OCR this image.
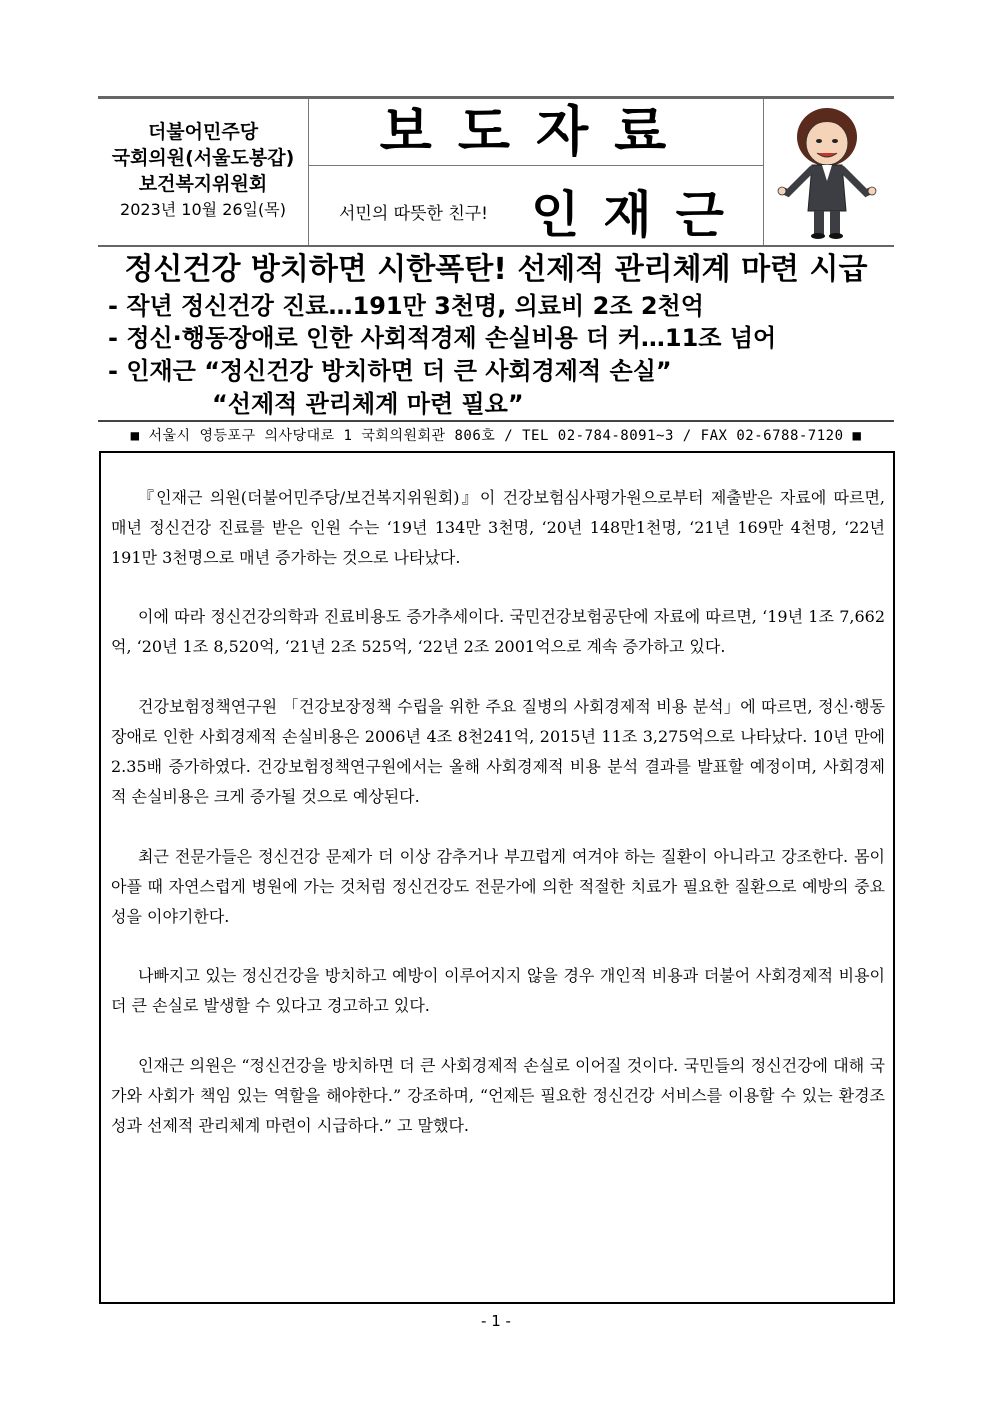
더불어민주당
국회의원(서울도봉갑)
보건복지위원회
2023년 10월 26일(목)
보도자료
서민의 따뜻한 친구! 인재근
정신건강 방치하면 시한폭탄! 선제적 관리체계 마련 시급
- 작년 정신건강 진료…191만 3천명, 의료비 2조 2천억
- 정신·행동장애로 인한 사회적경제 손실비용 더 커…11조 넘어
- 인재근 “정신건강 방치하면 더 큰 사회경제적 손실”
“선제적 관리체계 마련 필요”
■ 서울시 영등포구 의사당대로 1 국회의원회관 806호 / TEL 02-784-8091~3 / FAX 02-6788-7120 ■
『인재근 의원(더불어민주당/보건복지위원회)』이 건강보험심사평가원으로부터 제출받은 자료에 따르면, 매년 정신건강 진료를 받은 인원 수는 ‘19년 134만 3천명, ‘20년 148만1천명, ‘21년 169만 4천명, ‘22년 191만 3천명으로 매년 증가하는 것으로 나타났다.
이에 따라 정신건강의학과 진료비용도 증가추세이다. 국민건강보험공단에 자료에 따르면, ‘19년 1조 7,662억, ‘20년 1조 8,520억, ‘21년 2조 525억, ‘22년 2조 2001억으로 계속 증가하고 있다.
건강보험정책연구원 「건강보장정책 수립을 위한 주요 질병의 사회경제적 비용 분석」에 따르면, 정신·행동장애로 인한 사회경제적 손실비용은 2006년 4조 8천241억, 2015년 11조 3,275억으로 나타났다. 10년 만에 2.35배 증가하였다. 건강보험정책연구원에서는 올해 사회경제적 비용 분석 결과를 발표할 예정이며, 사회경제적 손실비용은 크게 증가될 것으로 예상된다.
최근 전문가들은 정신건강 문제가 더 이상 감추거나 부끄럽게 여겨야 하는 질환이 아니라고 강조한다. 몸이 아플 때 자연스럽게 병원에 가는 것처럼 정신건강도 전문가에 의한 적절한 치료가 필요한 질환으로 예방의 중요성을 이야기한다.
나빠지고 있는 정신건강을 방치하고 예방이 이루어지지 않을 경우 개인적 비용과 더불어 사회경제적 비용이 더 큰 손실로 발생할 수 있다고 경고하고 있다.
인재근 의원은 “정신건강을 방치하면 더 큰 사회경제적 손실로 이어질 것이다. 국민들의 정신건강에 대해 국가와 사회가 책임 있는 역할을 해야한다.” 강조하며, “언제든 필요한 정신건강 서비스를 이용할 수 있는 환경조성과 선제적 관리체계 마련이 시급하다.” 고 말했다.
- 1 -
